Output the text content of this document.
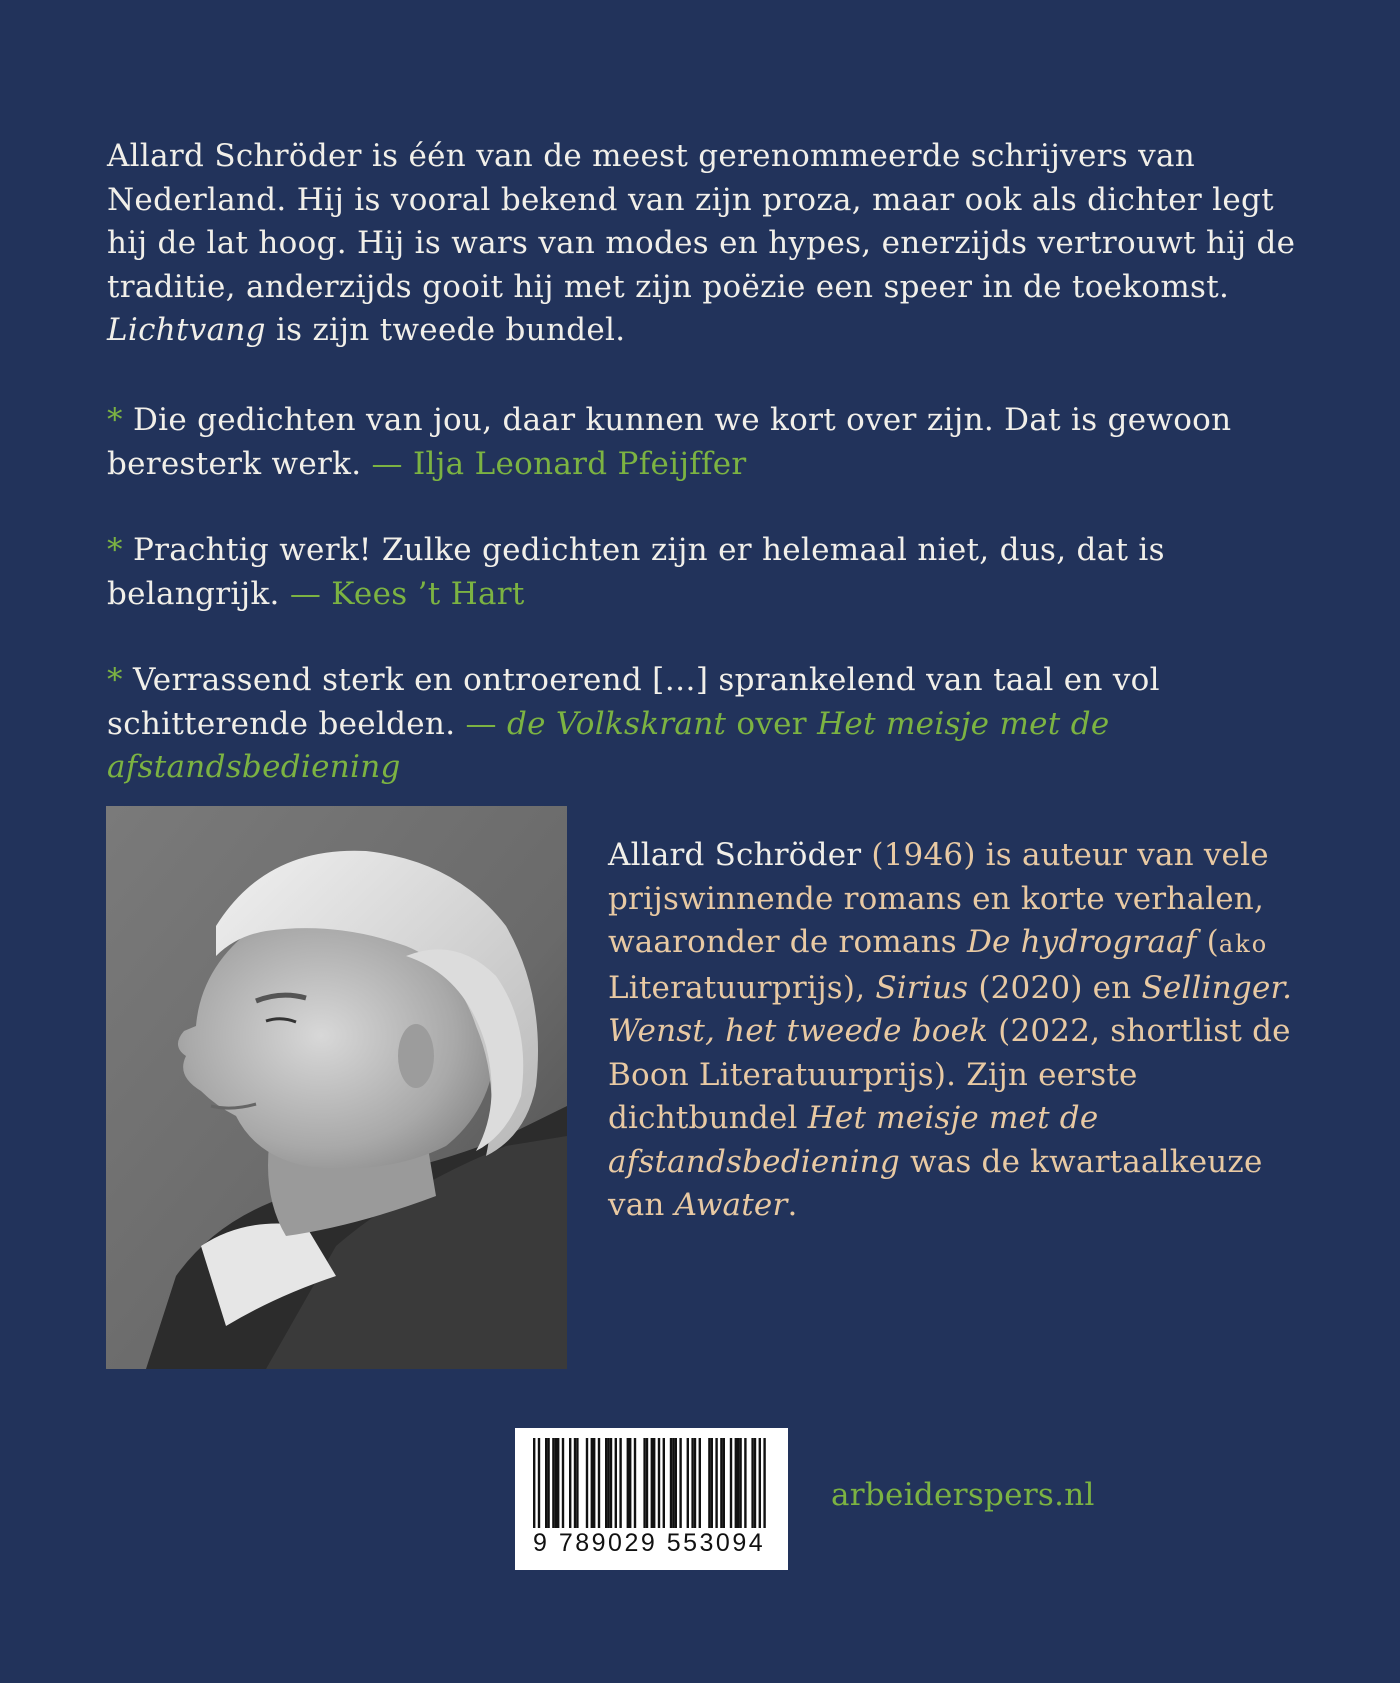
Allard Schröder is één van de meest gerenommeerde schrijvers van Nederland. Hij is vooral bekend van zijn proza, maar ook als dichter legt hij de lat hoog. Hij is wars van modes en hypes, enerzijds vertrouwt hij de traditie, anderzijds gooit hij met zijn poëzie een speer in de toekomst. Lichtvang is zijn tweede bundel.

* Die gedichten van jou, daar kunnen we kort over zijn. Dat is gewoon beresterk werk. — Ilja Leonard Pfeijffer

* Prachtig werk! Zulke gedichten zijn er helemaal niet, dus, dat is belangrijk. — Kees ’t Hart

* Verrassend sterk en ontroerend […] sprankelend van taal en vol schitterende beelden. — de Volkskrant over Het meisje met de afstandsbediening

Allard Schröder (1946) is auteur van vele prijswinnende romans en korte verhalen, waaronder de romans De hydrograaf (ako Literatuurprijs), Sirius (2020) en Sellinger. Wenst, het tweede boek (2022, shortlist de Boon Literatuurprijs). Zijn eerste dichtbundel Het meisje met de afstandsbediening was de kwartaalkeuze van Awater.

9 789029 553094
arbeiderspers.nl
